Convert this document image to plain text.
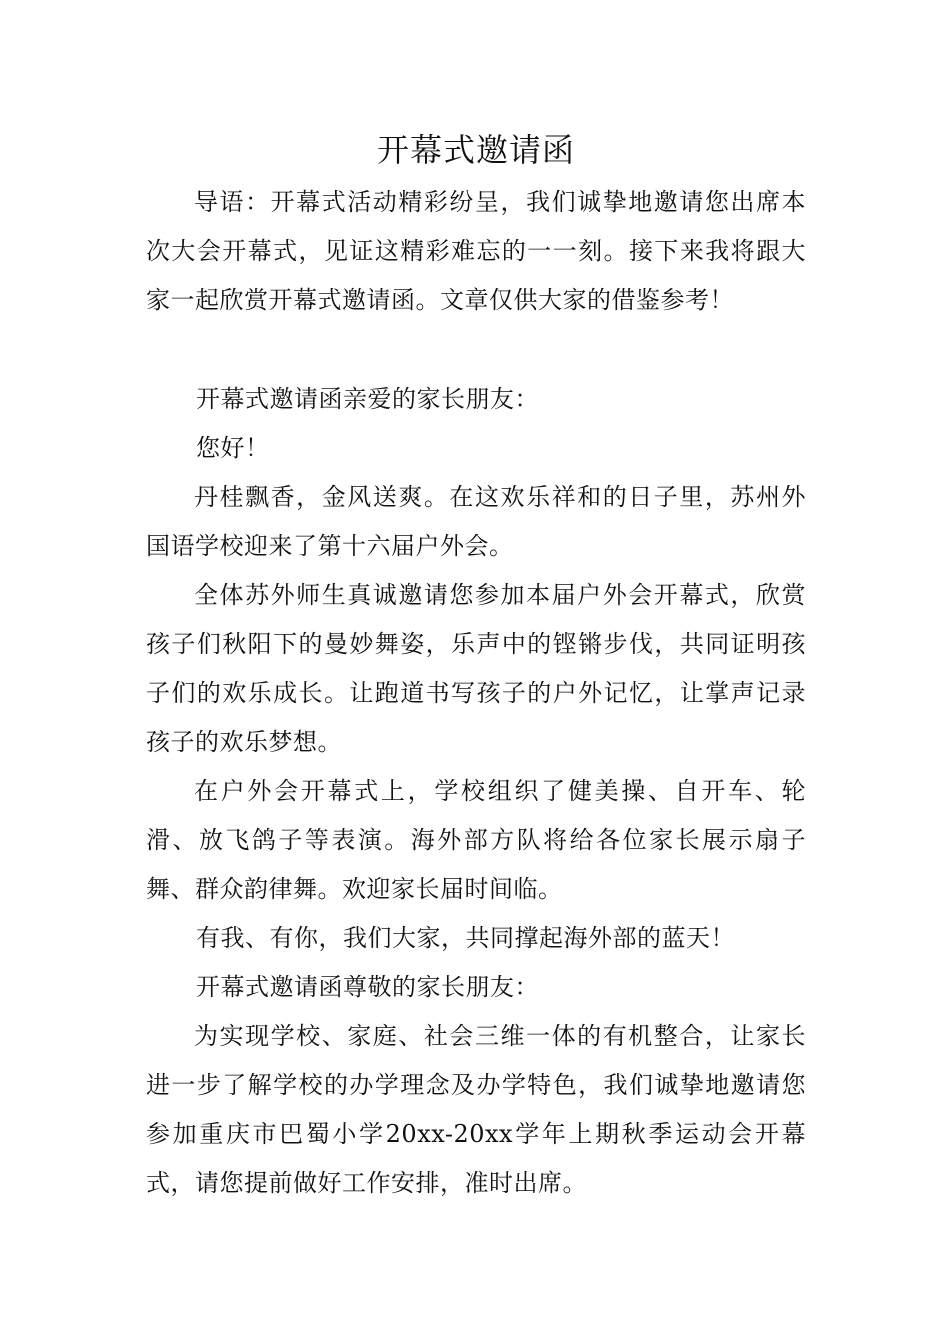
开幕式邀请函

导语：开幕式活动精彩纷呈，我们诚挚地邀请您出席本次大会开幕式，见证这精彩难忘的一一刻。接下来我将跟大家一起欣赏开幕式邀请函。文章仅供大家的借鉴参考！

开幕式邀请函亲爱的家长朋友：

您好！

丹桂飘香，金风送爽。在这欢乐祥和的日子里，苏州外国语学校迎来了第十六届户外会。

全体苏外师生真诚邀请您参加本届户外会开幕式，欣赏孩子们秋阳下的曼妙舞姿，乐声中的铿锵步伐，共同证明孩子们的欢乐成长。让跑道书写孩子的户外记忆，让掌声记录孩子的欢乐梦想。

在户外会开幕式上，学校组织了健美操、自开车、轮滑、放飞鸽子等表演。海外部方队将给各位家长展示扇子舞、群众韵律舞。欢迎家长届时间临。

有我、有你，我们大家，共同撑起海外部的蓝天！

开幕式邀请函尊敬的家长朋友：

为实现学校、家庭、社会三维一体的有机整合，让家长进一步了解学校的办学理念及办学特色，我们诚挚地邀请您参加重庆市巴蜀小学20xx-20xx学年上期秋季运动会开幕式，请您提前做好工作安排，准时出席。
